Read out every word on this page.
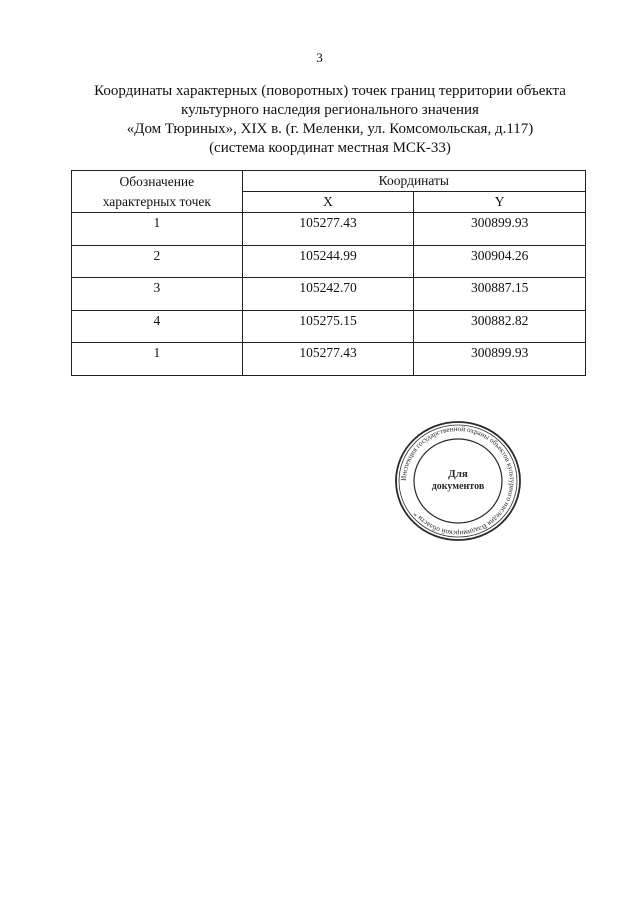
3
Координаты характерных (поворотных) точек границ территории объекта
культурного наследия регионального значения
«Дом Тюриных», XIX в. (г. Меленки, ул. Комсомольская, д.117)
(система координат местная МСК-33)
Обозначение
характерных точек	Координаты	
	X	Y
1	105277.43	300899.93
2	105244.99	300904.26
3	105242.70	300887.15
4	105275.15	300882.82
1	105277.43	300899.93
Инспекция государственной охраны объектов культурного наследия Владимирской области *
Для
документов
